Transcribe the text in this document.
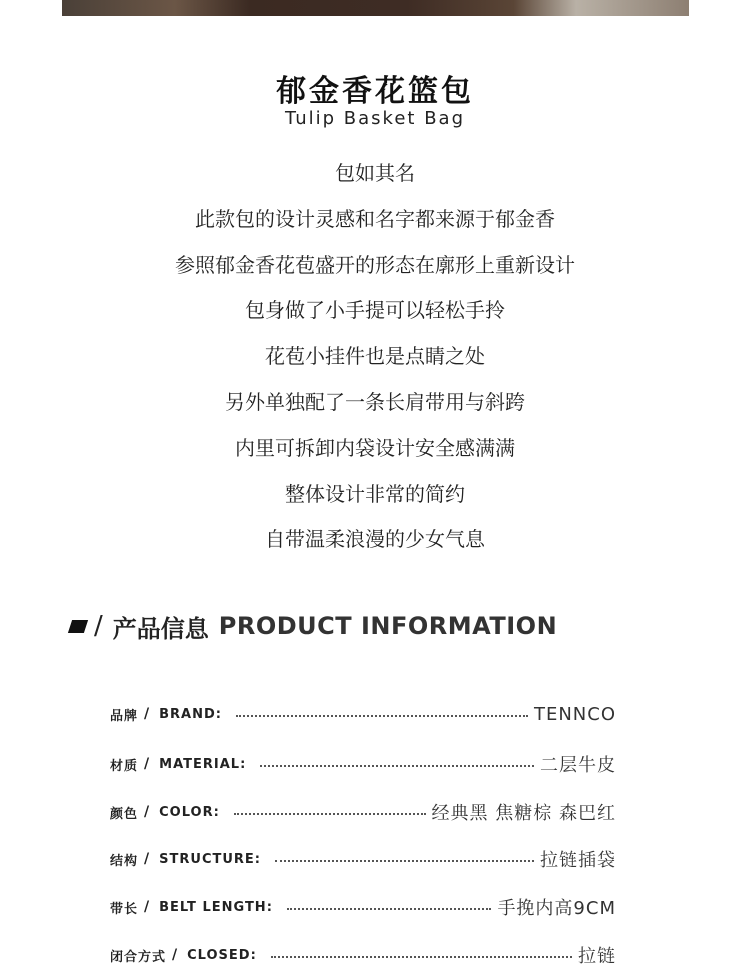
郁金香花篮包
Tulip Basket Bag
包如其名
此款包的设计灵感和名字都来源于郁金香
参照郁金香花苞盛开的形态在廓形上重新设计
包身做了小手提可以轻松手拎
花苞小挂件也是点睛之处
另外单独配了一条长肩带用与斜跨
内里可拆卸内袋设计安全感满满
整体设计非常的简约
自带温柔浪漫的少女气息
/ 产品信息 PRODUCT INFORMATION
品牌 / BRAND:	TENNCO
材质 / MATERIAL:	二层牛皮
颜色 / COLOR:	经典黑 焦糖棕 森巴红
结构 / STRUCTURE:	拉链插袋
带长 / BELT LENGTH:	手挽内高9CM
闭合方式 / CLOSED:	拉链
